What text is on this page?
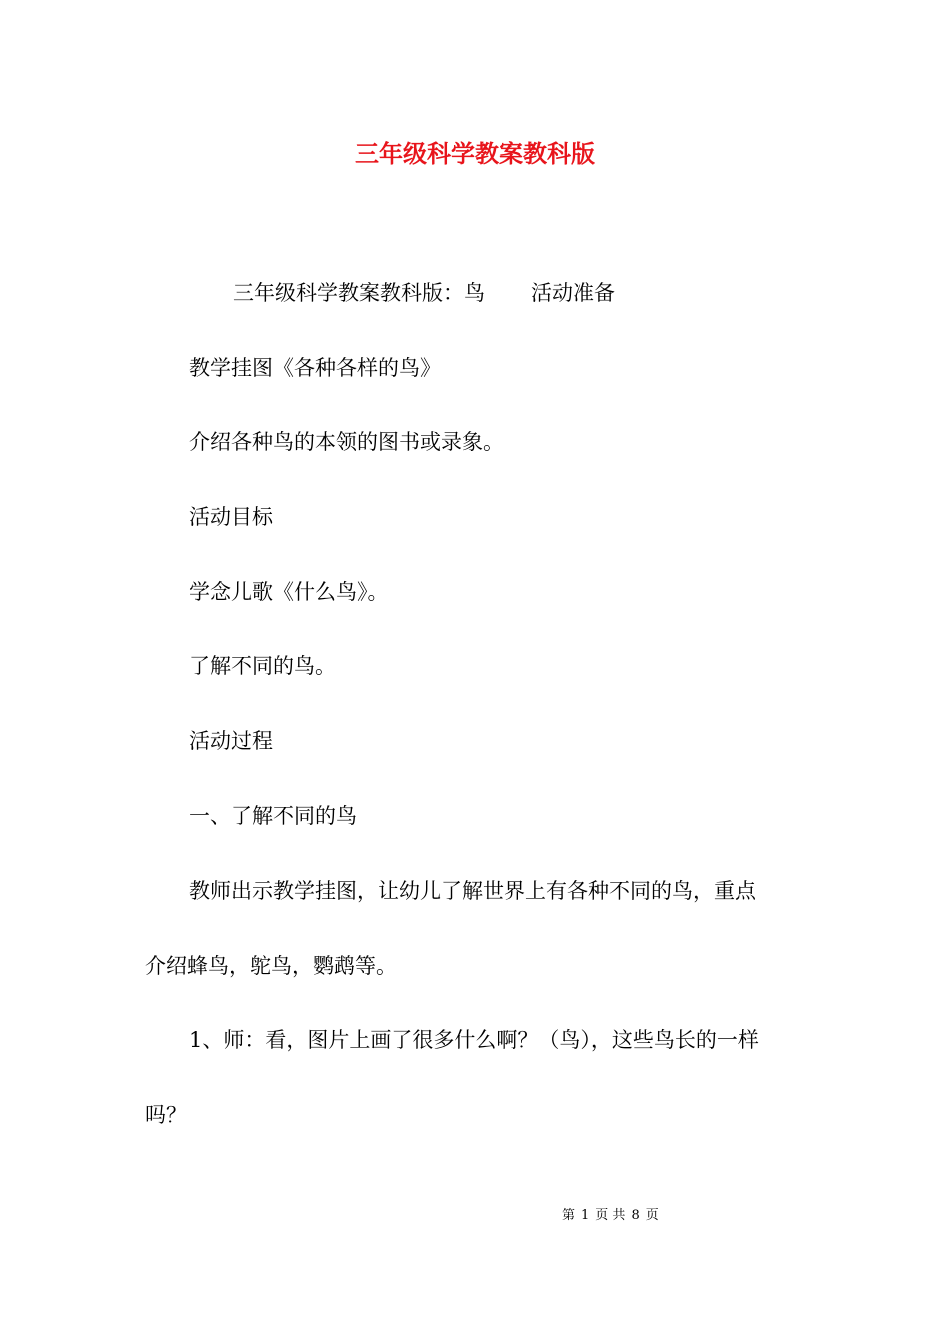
三年级科学教案教科版
三年级科学教案教科版：鸟 活动准备
教学挂图《各种各样的鸟》
介绍各种鸟的本领的图书或录象。
活动目标
学念儿歌《什么鸟》。
了解不同的鸟。
活动过程
一、了解不同的鸟
教师出示教学挂图，让幼儿了解世界上有各种不同的鸟，重点
介绍蜂鸟，鸵鸟，鹦鹉等。
1、师：看，图片上画了很多什么啊？（鸟），这些鸟长的一样
吗？
第 1 页 共 8 页
